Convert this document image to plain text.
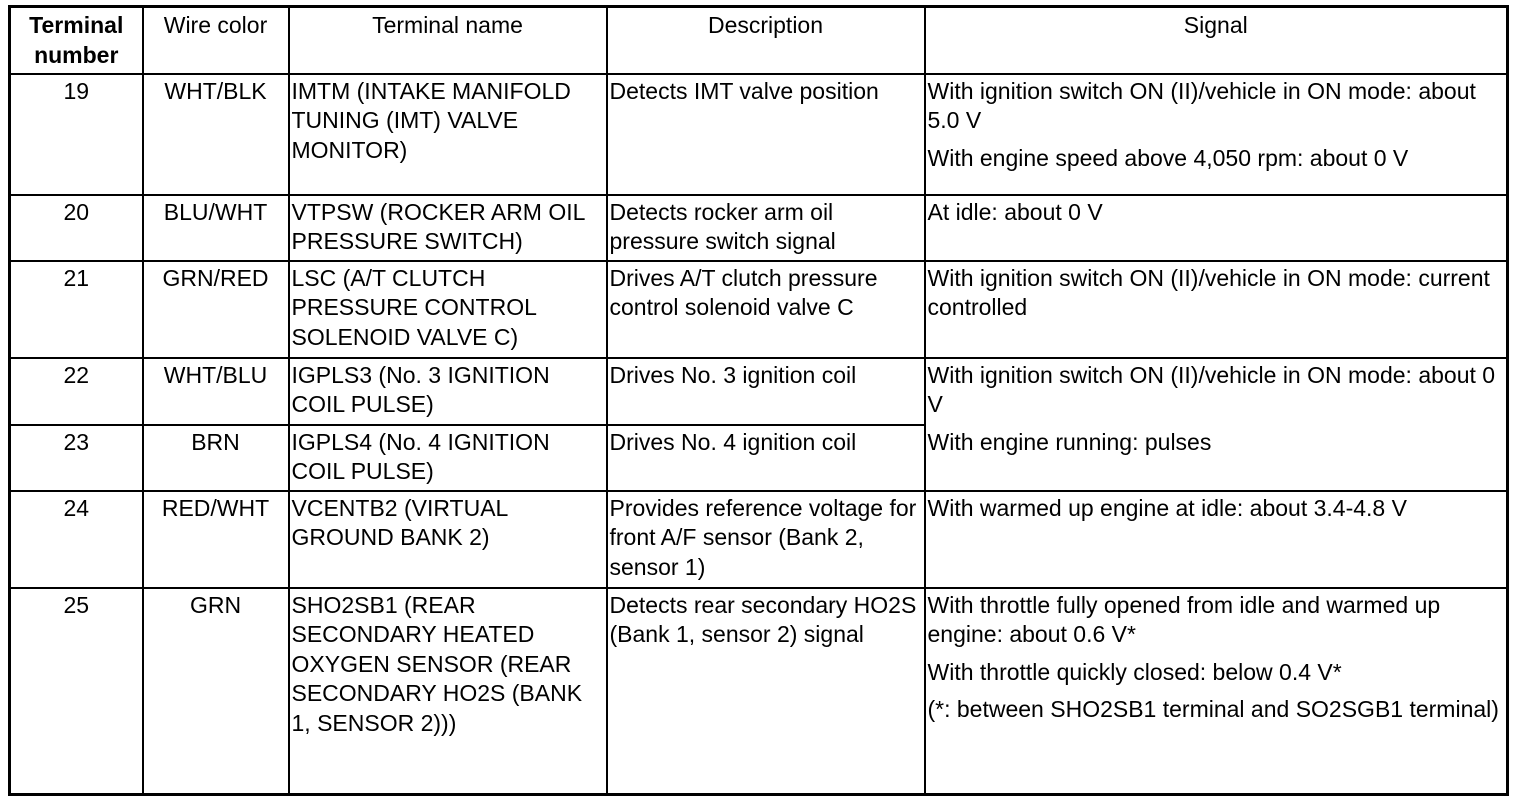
Terminal number	Wire color	Terminal name	Description	Signal
19	WHT/BLK	IMTM (INTAKE MANIFOLD TUNING (IMT) VALVE MONITOR)	Detects IMT valve position	With ignition switch ON (II)/vehicle in ON mode: about 5.0 V
With engine speed above 4,050 rpm: about 0 V

20	BLU/WHT	VTPSW (ROCKER ARM OIL PRESSURE SWITCH)	Detects rocker arm oil pressure switch signal	At idle: about 0 V

21	GRN/RED	LSC (A/T CLUTCH PRESSURE CONTROL SOLENOID VALVE C)	Drives A/T clutch pressure control solenoid valve C	With ignition switch ON (II)/vehicle in ON mode: current controlled

22	WHT/BLU	IGPLS3 (No. 3 IGNITION COIL PULSE)	Drives No. 3 ignition coil	With ignition switch ON (II)/vehicle in ON mode: about 0 V
With engine running: pulses

23	BRN	IGPLS4 (No. 4 IGNITION COIL PULSE)	Drives No. 4 ignition coil	
24	RED/WHT	VCENTB2 (VIRTUAL GROUND BANK 2)	Provides reference voltage for front A/F sensor (Bank 2, sensor 1)	With warmed up engine at idle: about 3.4-4.8 V

25	GRN	SHO2SB1 (REAR SECONDARY HEATED OXYGEN SENSOR (REAR SECONDARY HO2S (BANK 1, SENSOR 2)))	Detects rear secondary HO2S (Bank 1, sensor 2) signal	With throttle fully opened from idle and warmed up engine: about 0.6 V*
With throttle quickly closed: below 0.4 V*
(*: between SHO2SB1 terminal and SO2SGB1 terminal)
